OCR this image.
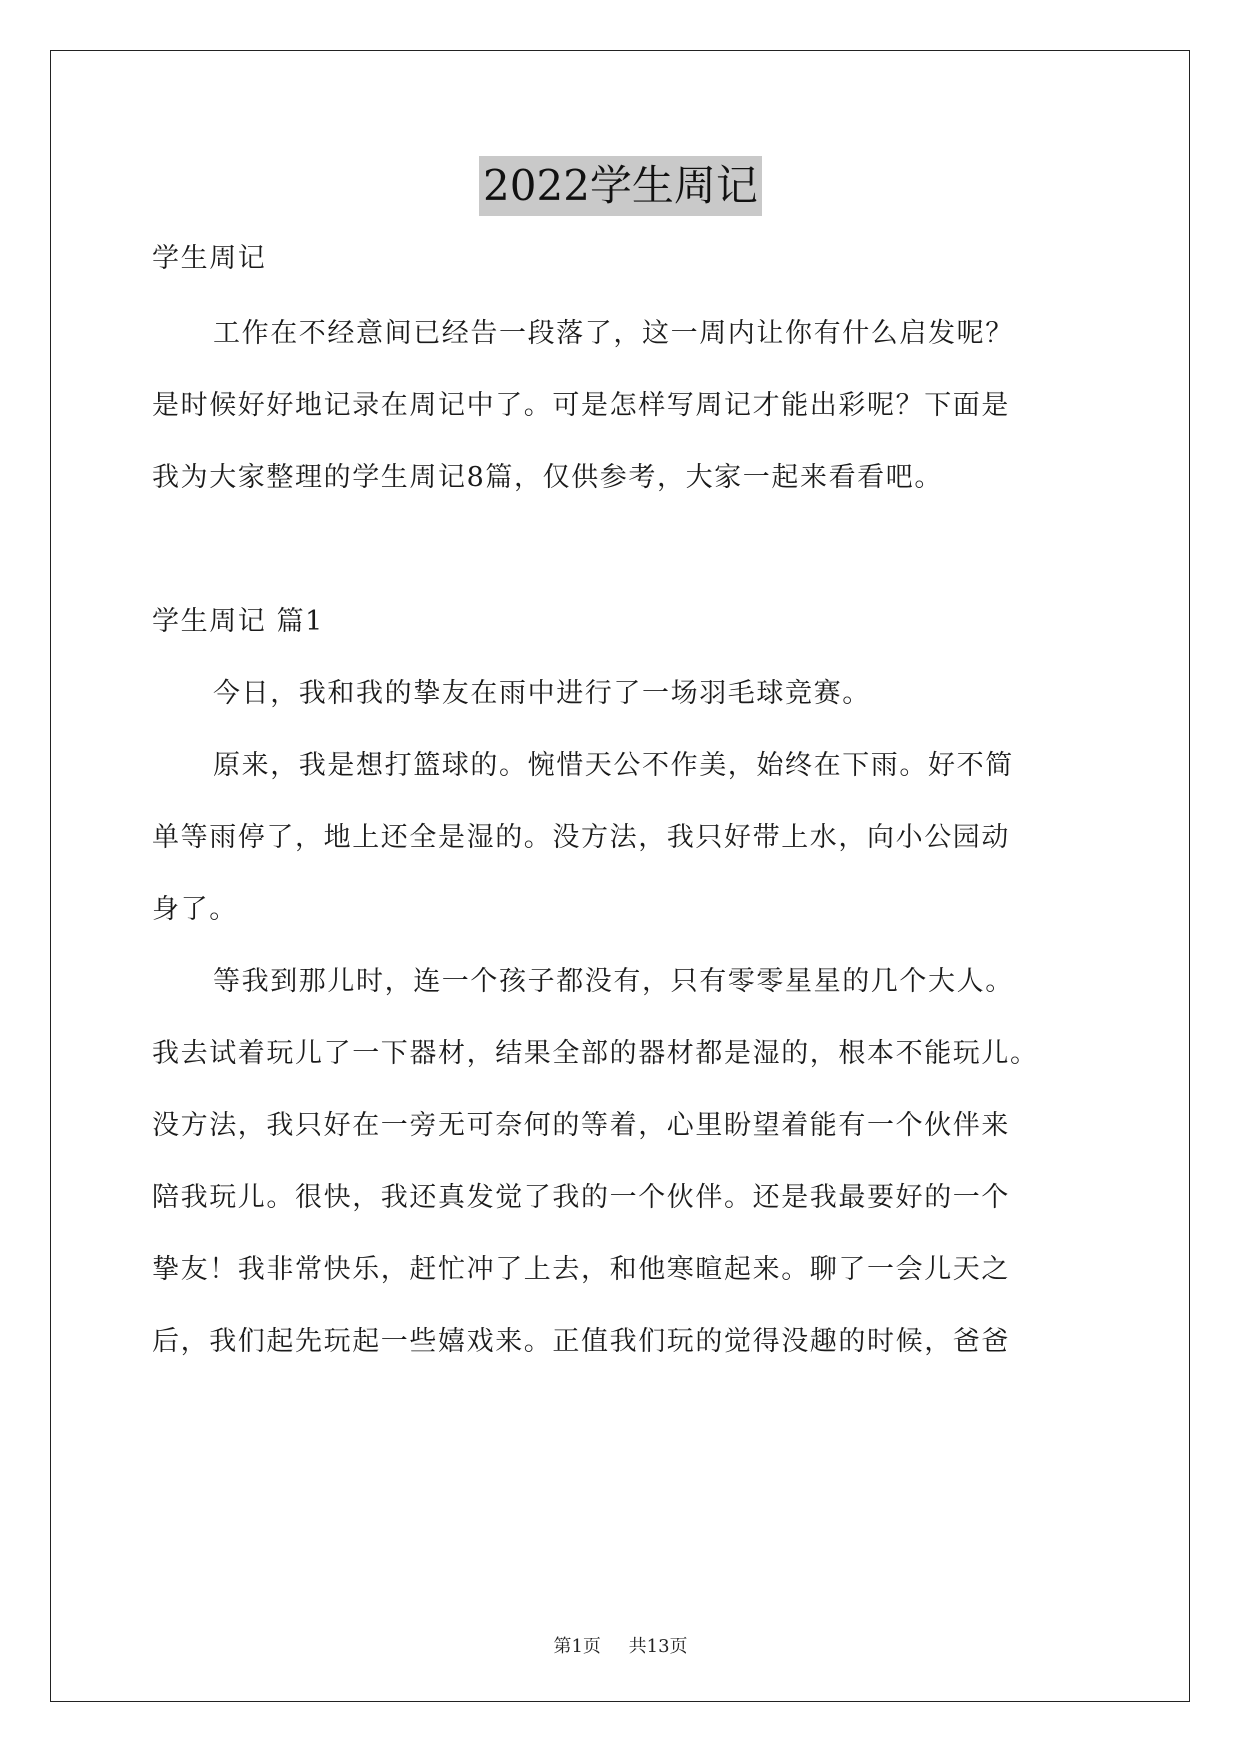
2022学生周记
学生周记
工作在不经意间已经告一段落了，这一周内让你有什么启发呢？
是时候好好地记录在周记中了。可是怎样写周记才能出彩呢？下面是
我为大家整理的学生周记8篇，仅供参考，大家一起来看看吧。
学生周记 篇1
今日，我和我的挚友在雨中进行了一场羽毛球竞赛。
原来，我是想打篮球的。惋惜天公不作美，始终在下雨。好不简
单等雨停了，地上还全是湿的。没方法，我只好带上水，向小公园动
身了。
等我到那儿时，连一个孩子都没有，只有零零星星的几个大人。
我去试着玩儿了一下器材，结果全部的器材都是湿的，根本不能玩儿。
没方法，我只好在一旁无可奈何的等着，心里盼望着能有一个伙伴来
陪我玩儿。很快，我还真发觉了我的一个伙伴。还是我最要好的一个
挚友！我非常快乐，赶忙冲了上去，和他寒暄起来。聊了一会儿天之
后，我们起先玩起一些嬉戏来。正值我们玩的觉得没趣的时候，爸爸
第1页 共13页
